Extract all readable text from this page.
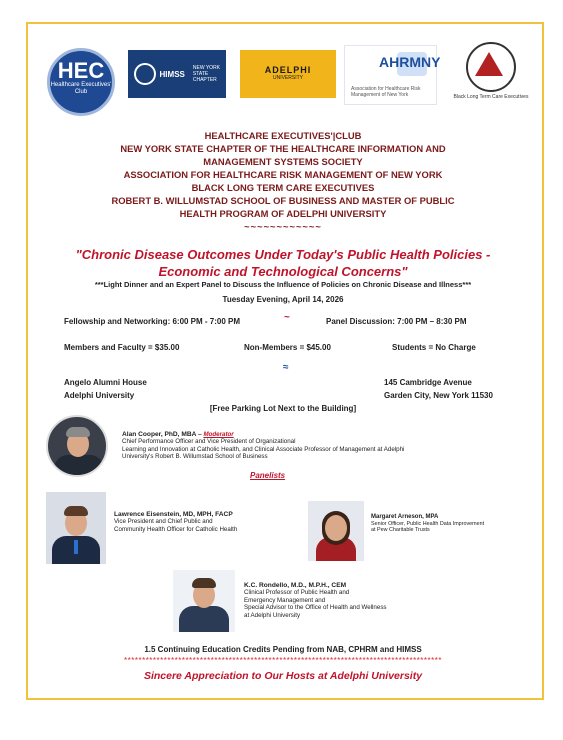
HEC
Healthcare Executives' Club
HIMSS
NEW YORK STATE CHAPTER
ADELPHI
UNIVERSITY
AHRMNY
Association for Healthcare Risk Management of New York	Black Long Term Care Executives
HEALTHCARE EXECUTIVES'|CLUB
NEW YORK STATE CHAPTER OF THE HEALTHCARE INFORMATION AND
MANAGEMENT SYSTEMS SOCIETY
ASSOCIATION FOR HEALTHCARE RISK MANAGEMENT OF NEW YORK
BLACK LONG TERM CARE EXECUTIVES
ROBERT B. WILLUMSTAD SCHOOL OF BUSINESS AND MASTER OF PUBLIC
HEALTH PROGRAM OF ADELPHI UNIVERSITY
~~~~~~~~~~~~
"Chronic Disease Outcomes Under Today's Public Health Policies -
Economic and Technological Concerns"
***Light Dinner and an Expert Panel to Discuss the Influence of Policies on Chronic Disease and Illness***
Tuesday Evening, April 14, 2026
Fellowship and Networking: 6:00 PM - 7:00 PM	~	Panel Discussion: 7:00 PM – 8:30 PM
Members and Faculty = $35.00	Non-Members = $45.00	Students = No Charge
≈
Angelo Alumni House
Adelphi University
145 Cambridge Avenue
Garden City, New York 11530
[Free Parking Lot Next to the Building]
Alan Cooper, PhD, MBA – Moderator
Chief Performance Officer and Vice President of Organizational
Learning and Innovation at Catholic Health, and Clinical Associate Professor of Management at Adelphi
University's Robert B. Willumstad School of Business
Panelists
Lawrence Eisenstein, MD, MPH, FACP
Vice President and Chief Public and
Community Health Officer for Catholic Health
Margaret Arneson, MPA
Senior Officer, Public Health Data Improvement
at Pew Charitable Trusts
K.C. Rondello, M.D., M.P.H., CEM
Clinical Professor of Public Health and
Emergency Management and
Special Advisor to the Office of Health and Wellness
at Adelphi University
1.5 Continuing Education Credits Pending from NAB, CPHRM and HIMSS
****************************************************************************************
Sincere Appreciation to Our Hosts at Adelphi University
